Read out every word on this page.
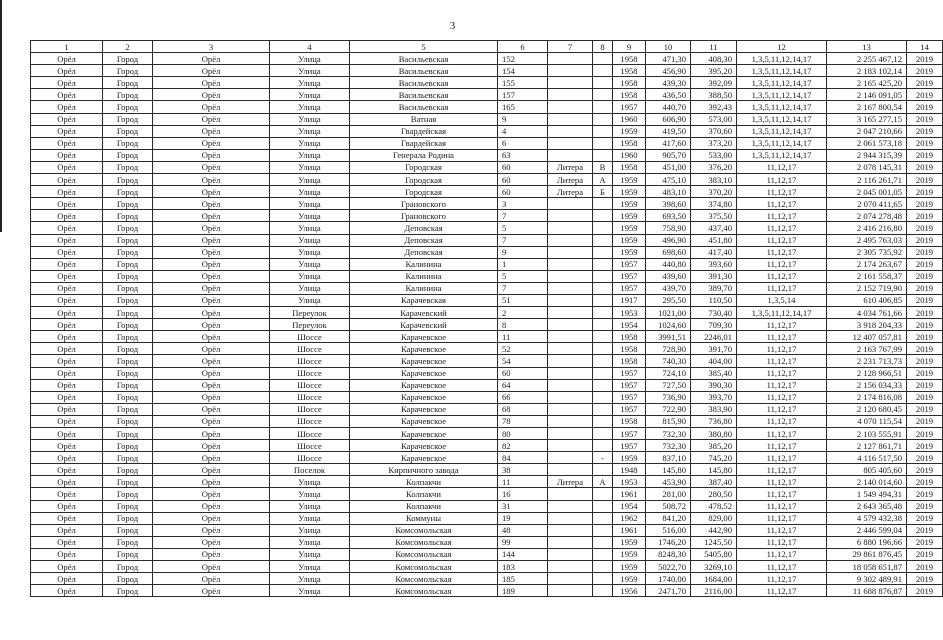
3
1	2	3	4	5	6	7	8	9	10	11	12	13	14
Орёл	Город	Орёл	Улица	Васильевская	152			1958	471,30	408,30	1,3,5,11,12,14,17	2 255 467,12	2019
Орёл	Город	Орёл	Улица	Васильевская	154			1958	456,90	395,20	1,3,5,11,12,14,17	2 183 102,14	2019
Орёл	Город	Орёл	Улица	Васильевская	155			1958	439,30	392,09	1,3,5,11,12,14,17	2 165 425,20	2019
Орёл	Город	Орёл	Улица	Васильевская	157			1958	436,50	388,50	1,3,5,11,12,14,17	2 146 091,05	2019
Орёл	Город	Орёл	Улица	Васильевская	165			1957	440,70	392,43	1,3,5,11,12,14,17	2 167 800,54	2019
Орёл	Город	Орёл	Улица	Ватная	9			1960	606,90	573,00	1,3,5,11,12,14,17	3 165 277,15	2019
Орёл	Город	Орёл	Улица	Гвардейская	4			1959	419,50	370,60	1,3,5,11,12,14,17	2 047 210,66	2019
Орёл	Город	Орёл	Улица	Гвардейская	6			1958	417,60	373,20	1,3,5,11,12,14,17	2 061 573,18	2019
Орёл	Город	Орёл	Улица	Генерала Родина	63			1960	905,70	533,00	1,3,5,11,12,14,17	2 944 315,39	2019
Орёл	Город	Орёл	Улица	Городская	60	Литера	В	1958	451,00	376,20	11,12,17	2 078 145,31	2019
Орёл	Город	Орёл	Улица	Городская	60	Литера	А	1959	475,10	383,10	11,12,17	2 116 261,71	2019
Орёл	Город	Орёл	Улица	Городская	60	Литера	Б	1959	483,10	370,20	11,12,17	2 045 001,05	2019
Орёл	Город	Орёл	Улица	Грановского	3			1959	398,60	374,80	11,12,17	2 070 411,65	2019
Орёл	Город	Орёл	Улица	Грановского	7			1959	693,50	375,50	11,12,17	2 074 278,48	2019
Орёл	Город	Орёл	Улица	Деповская	5			1959	758,90	437,40	11,12,17	2 416 216,80	2019
Орёл	Город	Орёл	Улица	Деповская	7			1959	496,90	451,80	11,12,17	2 495 763,03	2019
Орёл	Город	Орёл	Улица	Деповская	9			1959	698,60	417,40	11,12,17	2 305 735,92	2019
Орёл	Город	Орёл	Улица	Калинина	1			1957	440,80	393,60	11,12,17	2 174 263,67	2019
Орёл	Город	Орёл	Улица	Калинина	5			1957	439,60	391,30	11,12,17	2 161 558,37	2019
Орёл	Город	Орёл	Улица	Калинина	7			1957	439,70	389,70	11,12,17	2 152 719,90	2019
Орёл	Город	Орёл	Улица	Карачевская	51			1917	295,50	110,50	1,3,5,14	610 406,85	2019
Орёл	Город	Орёл	Переулок	Карачевский	2			1953	1021,00	730,40	1,3,5,11,12,14,17	4 034 761,66	2019
Орёл	Город	Орёл	Переулок	Карачевский	8			1954	1024,60	709,30	11,12,17	3 918 204,33	2019
Орёл	Город	Орёл	Шоссе	Карачевское	11			1958	3991,51	2246,01	11,12,17	12 407 057,81	2019
Орёл	Город	Орёл	Шоссе	Карачевское	52			1958	728,90	391,70	11,12,17	2 163 767,99	2019
Орёл	Город	Орёл	Шоссе	Карачевское	54			1958	740,30	404,00	11,12,17	2 231 713,73	2019
Орёл	Город	Орёл	Шоссе	Карачевское	60			1957	724,10	385,40	11,12,17	2 128 966,51	2019
Орёл	Город	Орёл	Шоссе	Карачевское	64			1957	727,50	390,30	11,12,17	2 156 034,33	2019
Орёл	Город	Орёл	Шоссе	Карачевское	66			1957	736,90	393,70	11,12,17	2 174 816,08	2019
Орёл	Город	Орёл	Шоссе	Карачевское	68			1957	722,90	383,90	11,12,17	2 120 680,45	2019
Орёл	Город	Орёл	Шоссе	Карачевское	78			1958	815,90	736,80	11,12,17	4 070 115,54	2019
Орёл	Город	Орёл	Шоссе	Карачевское	80			1957	732,30	380,80	11,12,17	2 103 555,91	2019
Орёл	Город	Орёл	Шоссе	Карачевское	82			1957	732,30	385,20	11,12,17	2 127 861,71	2019
Орёл	Город	Орёл	Шоссе	Карачевское	84		-	1959	837,10	745,20	11,12,17	4 116 517,50	2019
Орёл	Город	Орёл	Поселок	Кирпичного завода	38			1948	145,80	145,80	11,12,17	805 405,60	2019
Орёл	Город	Орёл	Улица	Колпакчи	11	Литера	А	1953	453,90	387,40	11,12,17	2 140 014,60	2019
Орёл	Город	Орёл	Улица	Колпакчи	16			1961	281,00	280,50	11,12,17	1 549 494,31	2019
Орёл	Город	Орёл	Улица	Колпакчи	31			1954	508,72	478,52	11,12,17	2 643 365,48	2019
Орёл	Город	Орёл	Улица	Коммуны	19			1962	841,20	829,00	11,12,17	4 579 432,38	2019
Орёл	Город	Орёл	Улица	Комсомольская	48			1961	516,00	442,90	11,12,17	2 446 599,04	2019
Орёл	Город	Орёл	Улица	Комсомольская	99			1959	1746,20	1245,50	11,12,17	6 880 196,66	2019
Орёл	Город	Орёл	Улица	Комсомольская	144			1959	8248,30	5405,80	11,12,17	29 861 876,45	2019
Орёл	Город	Орёл	Улица	Комсомольская	183			1959	5022,70	3269,10	11,12,17	18 058 651,87	2019
Орёл	Город	Орёл	Улица	Комсомольская	185			1959	1740,00	1684,00	11,12,17	9 302 489,91	2019
Орёл	Город	Орёл	Улица	Комсомольская	189			1956	2471,70	2116,00	11,12,17	11 688 876,87	2019
